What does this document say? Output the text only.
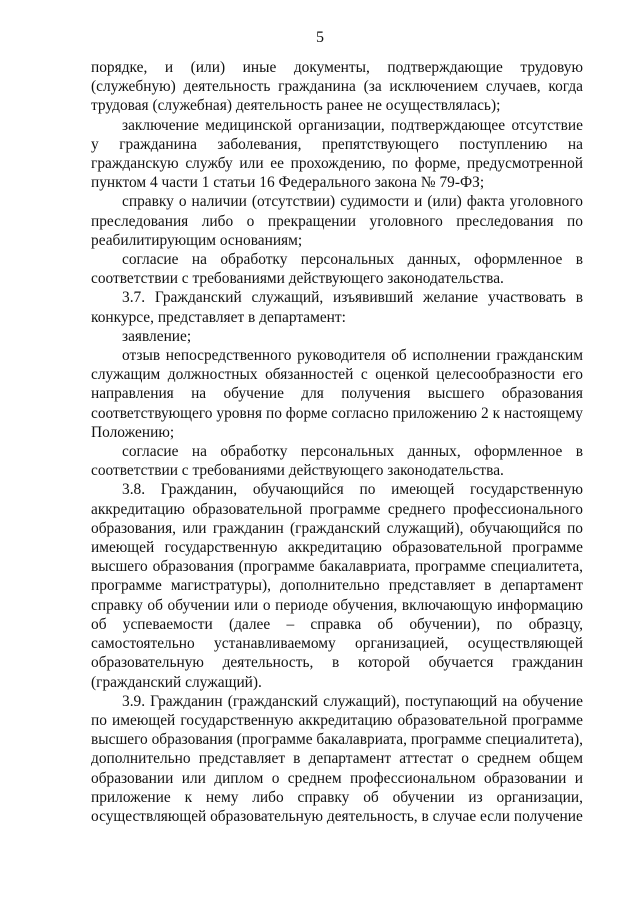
5

порядке, и (или) иные документы, подтверждающие трудовую (служебную) деятельность гражданина (за исключением случаев, когда трудовая (служебная) деятельность ранее не осуществлялась);

заключение медицинской организации, подтверждающее отсутствие у гражданина заболевания, препятствующего поступлению на гражданскую службу или ее прохождению, по форме, предусмотренной пунктом 4 части 1 статьи 16 Федерального закона № 79-ФЗ;

справку о наличии (отсутствии) судимости и (или) факта уголовного преследования либо о прекращении уголовного преследования по реабилитирующим основаниям;

согласие на обработку персональных данных, оформленное в соответствии с требованиями действующего законодательства.

3.7. Гражданский служащий, изъявивший желание участвовать в конкурсе, представляет в департамент:

заявление;

отзыв непосредственного руководителя об исполнении гражданским служащим должностных обязанностей с оценкой целесообразности его направления на обучение для получения высшего образования соответствующего уровня по форме согласно приложению 2 к настоящему Положению;

согласие на обработку персональных данных, оформленное в соответствии с требованиями действующего законодательства.

3.8. Гражданин, обучающийся по имеющей государственную аккредитацию образовательной программе среднего профессионального образования, или гражданин (гражданский служащий), обучающийся по имеющей государственную аккредитацию образовательной программе высшего образования (программе бакалавриата, программе специалитета, программе магистратуры), дополнительно представляет в департамент справку об обучении или о периоде обучения, включающую информацию об успеваемости (далее – справка об обучении), по образцу, самостоятельно устанавливаемому организацией, осуществляющей образовательную деятельность, в которой обучается гражданин (гражданский служащий).

3.9. Гражданин (гражданский служащий), поступающий на обучение по имеющей государственную аккредитацию образовательной программе высшего образования (программе бакалавриата, программе специалитета), дополнительно представляет в департамент аттестат о среднем общем образовании или диплом о среднем профессиональном образовании и приложение к нему либо справку об обучении из организации, осуществляющей образовательную деятельность, в случае если получение
